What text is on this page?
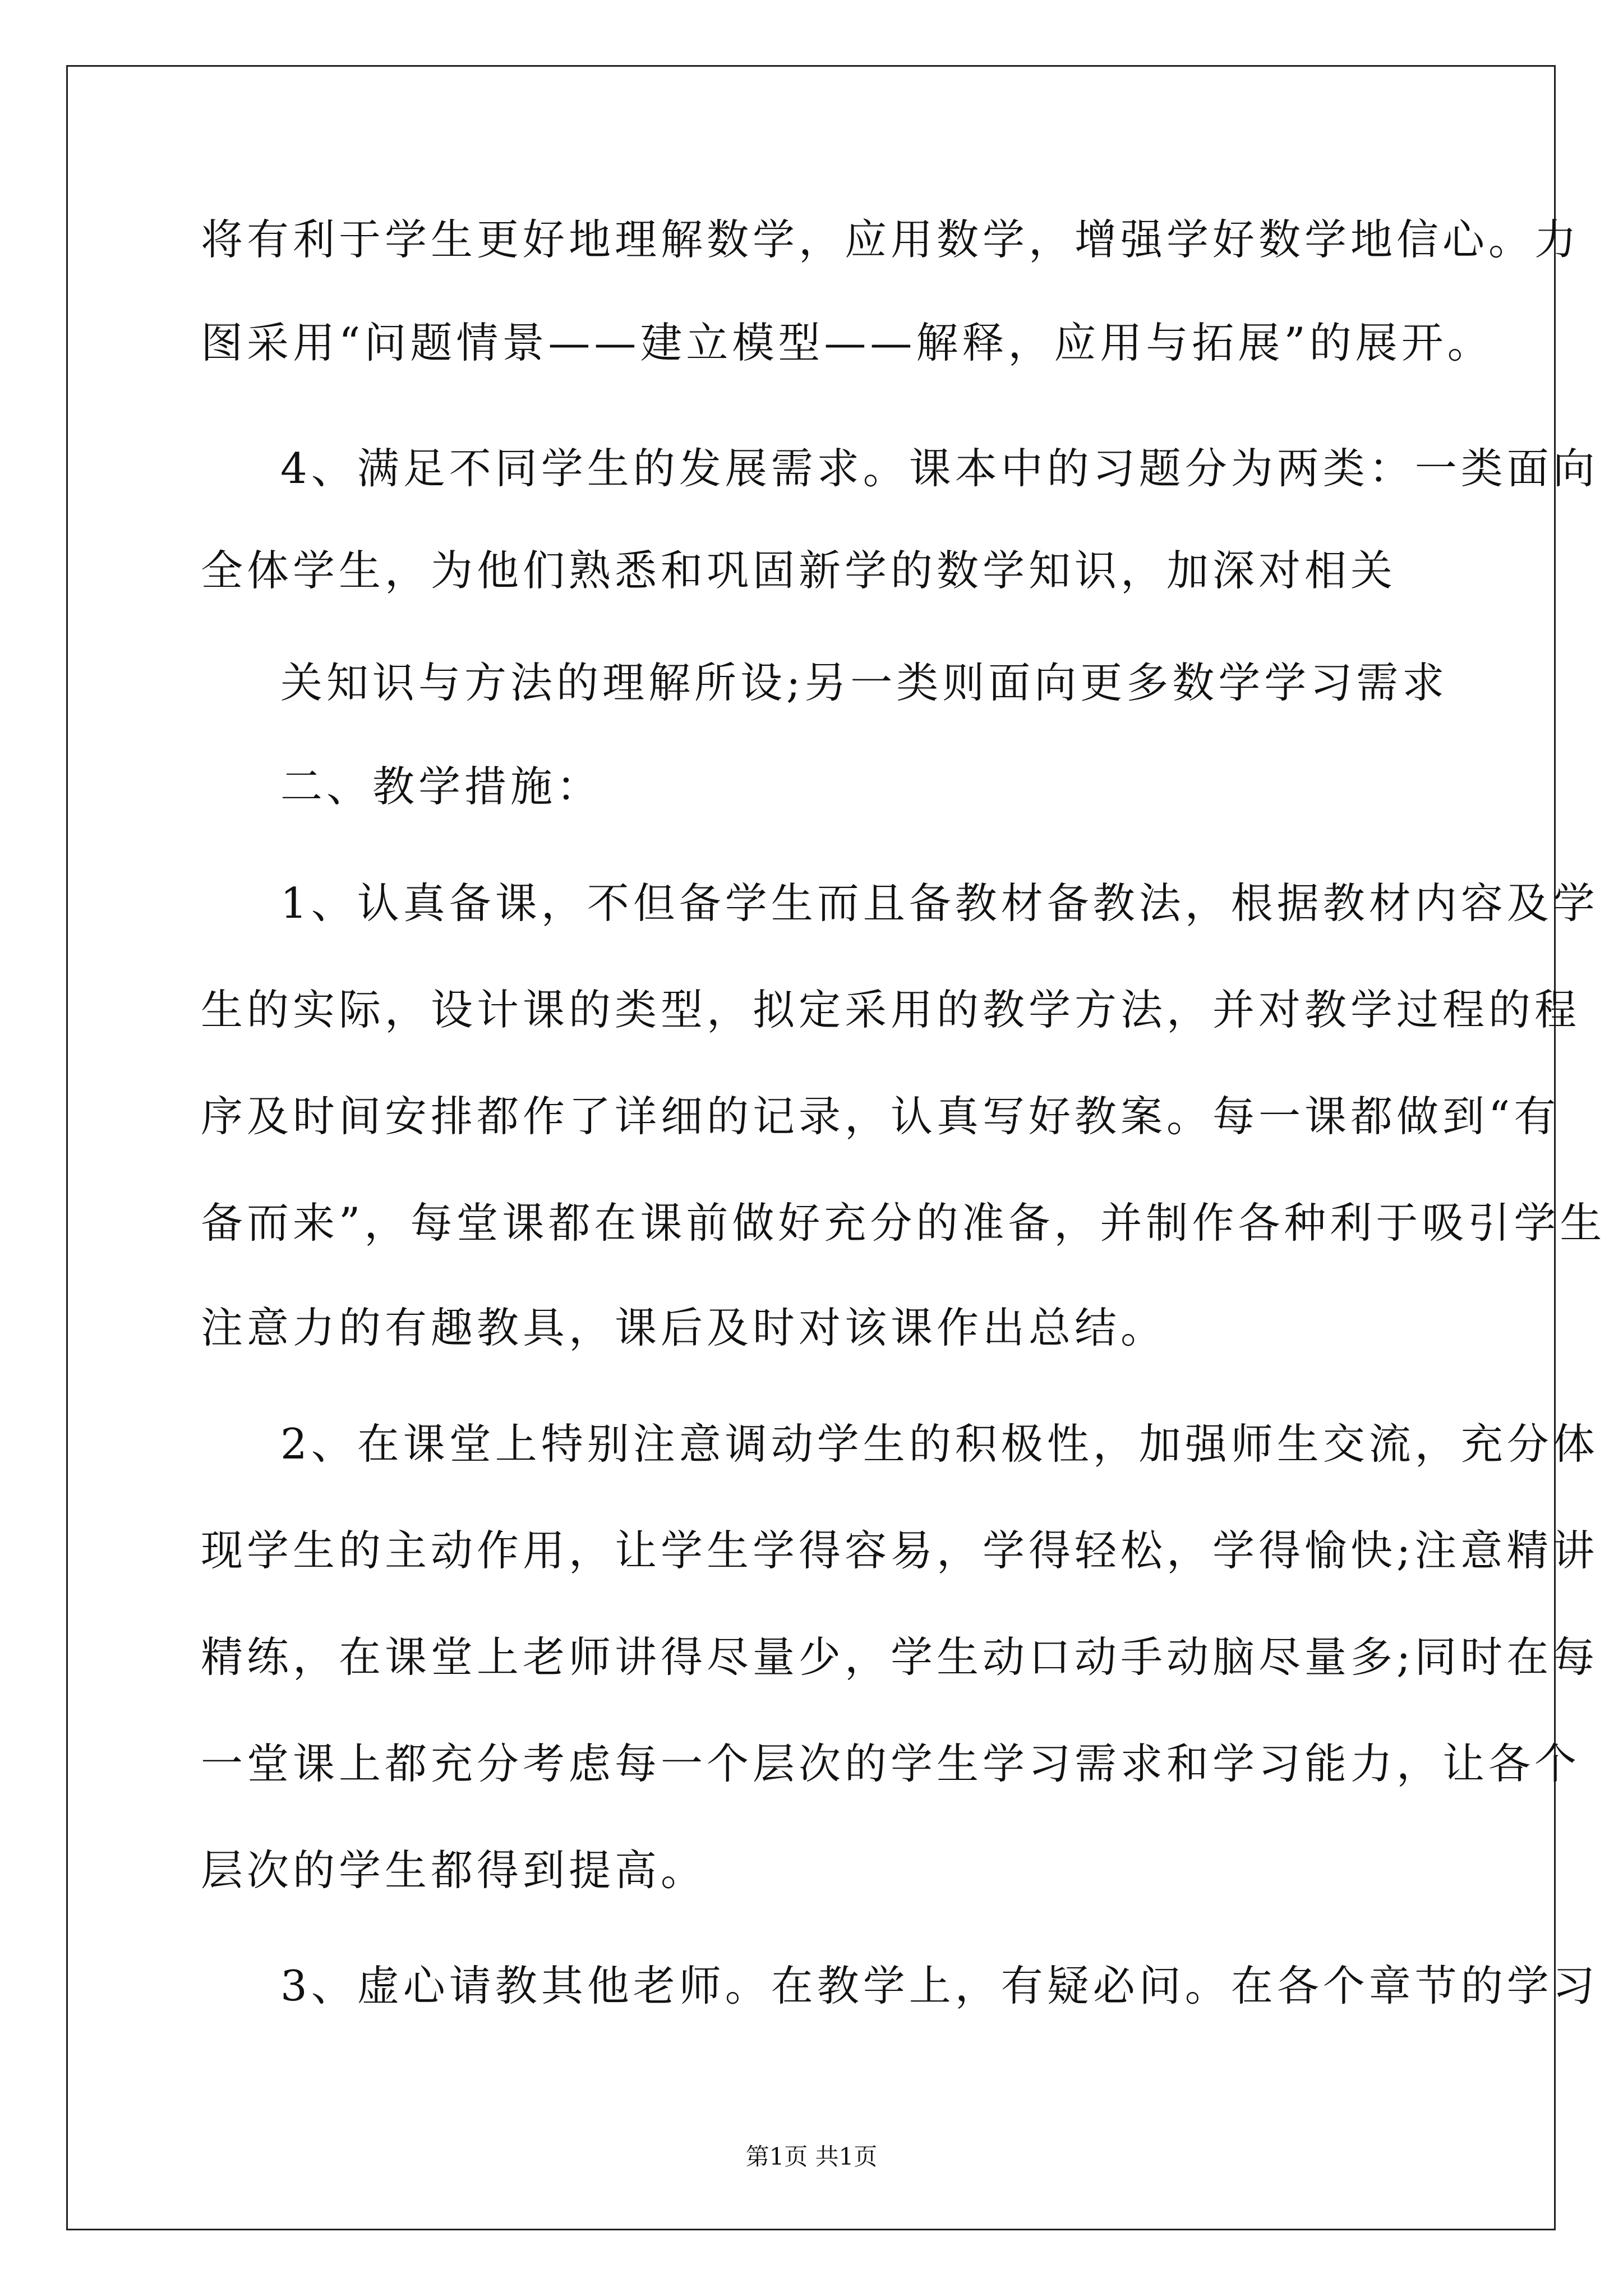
将有利于学生更好地理解数学，应用数学，增强学好数学地信心。力
图采用“问题情景——建立模型——解释，应用与拓展”的展开。
4、满足不同学生的发展需求。课本中的习题分为两类：一类面向
全体学生，为他们熟悉和巩固新学的数学知识，加深对相关
关知识与方法的理解所设;另一类则面向更多数学学习需求
二、教学措施：
1、认真备课，不但备学生而且备教材备教法，根据教材内容及学
生的实际，设计课的类型，拟定采用的教学方法，并对教学过程的程
序及时间安排都作了详细的记录，认真写好教案。每一课都做到“有
备而来”，每堂课都在课前做好充分的准备，并制作各种利于吸引学生
注意力的有趣教具，课后及时对该课作出总结。
2、在课堂上特别注意调动学生的积极性，加强师生交流，充分体
现学生的主动作用，让学生学得容易，学得轻松，学得愉快;注意精讲
精练，在课堂上老师讲得尽量少，学生动口动手动脑尽量多;同时在每
一堂课上都充分考虑每一个层次的学生学习需求和学习能力，让各个
层次的学生都得到提高。
3、虚心请教其他老师。在教学上，有疑必问。在各个章节的学习
第1页 共1页
